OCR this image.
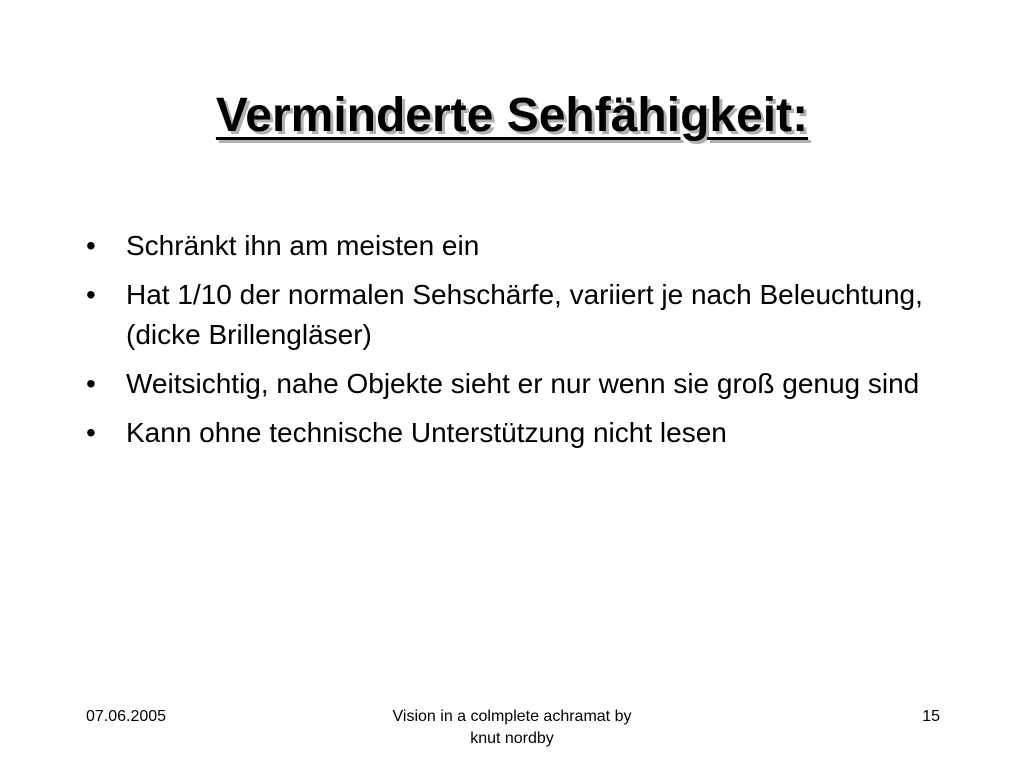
Verminderte Sehfähigkeit:
• Schränkt ihn am meisten ein
• Hat 1/10 der normalen Sehschärfe, variiert je nach Beleuchtung, (dicke Brillengläser)
• Weitsichtig, nahe Objekte sieht er nur wenn sie groß genug sind
• Kann ohne technische Unterstützung nicht lesen
07.06.2005	Vision in a colmplete achramat by
knut nordby
15
